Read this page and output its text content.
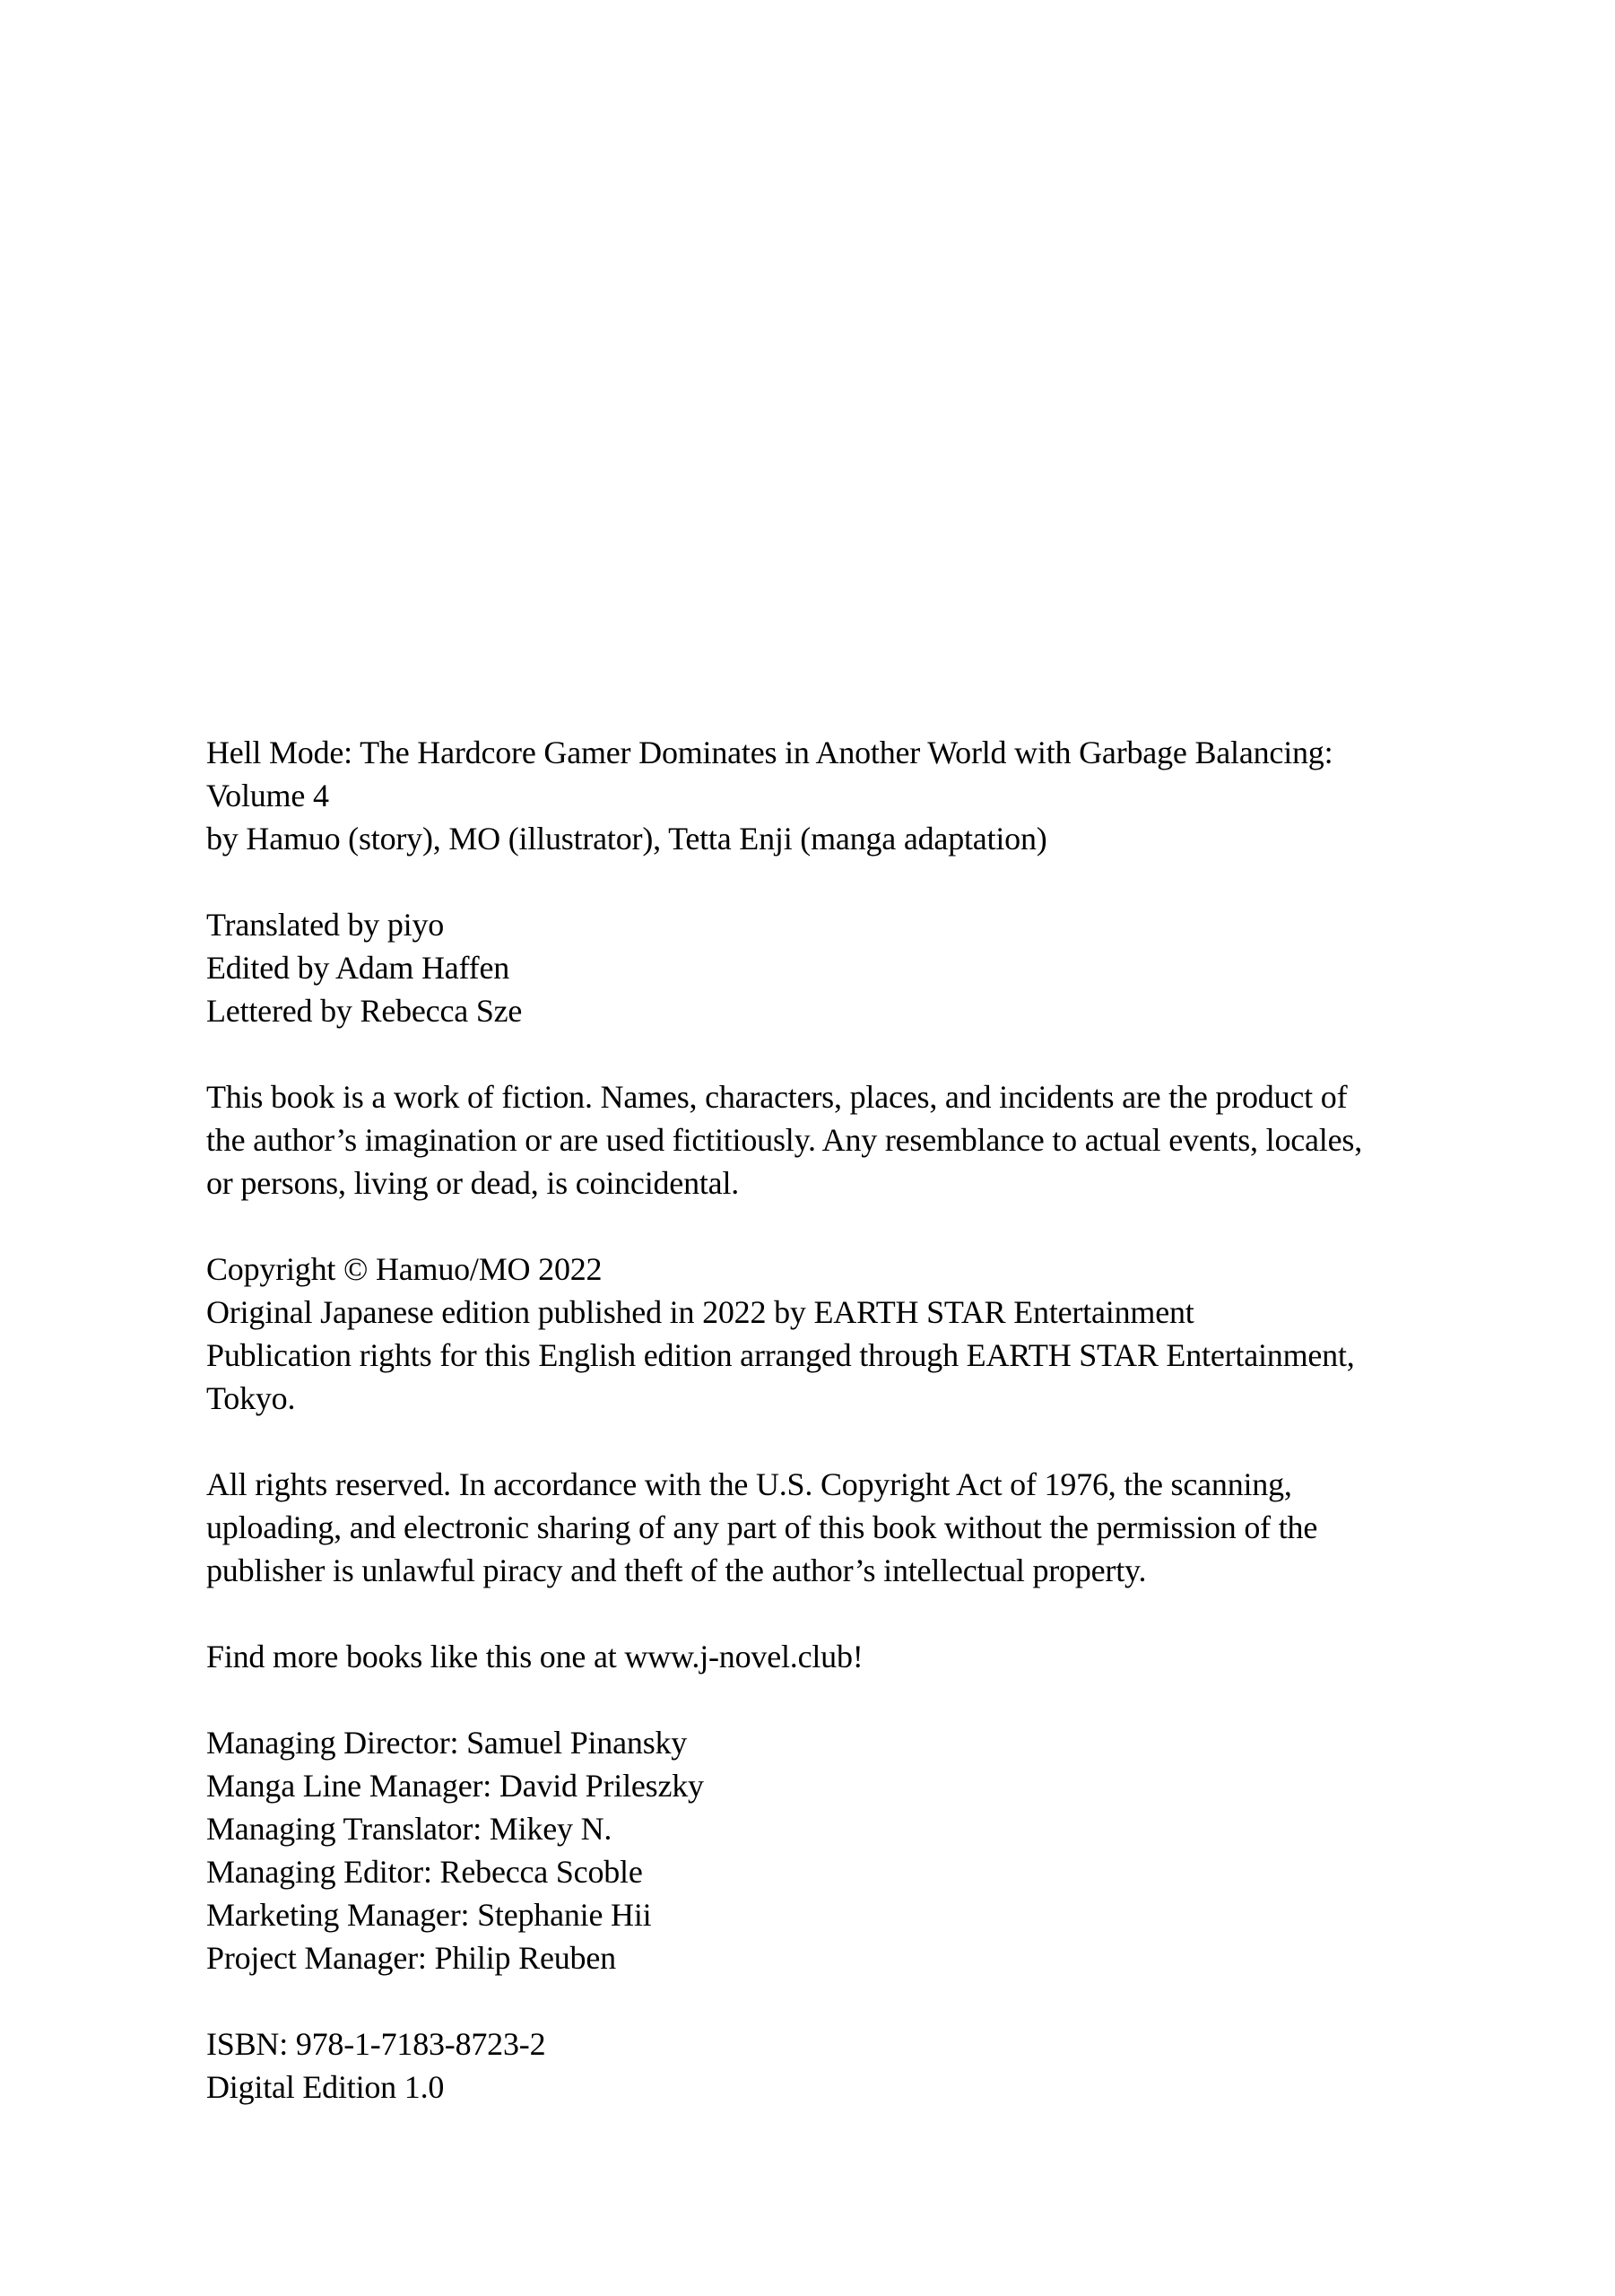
Hell Mode: The Hardcore Gamer Dominates in Another World with Garbage Balancing:
Volume 4
by Hamuo (story), MO (illustrator), Tetta Enji (manga adaptation)

Translated by piyo
Edited by Adam Haffen
Lettered by Rebecca Sze

This book is a work of fiction. Names, characters, places, and incidents are the product of
the author’s imagination or are used fictitiously. Any resemblance to actual events, locales,
or persons, living or dead, is coincidental.

Copyright © Hamuo/MO 2022
Original Japanese edition published in 2022 by EARTH STAR Entertainment
Publication rights for this English edition arranged through EARTH STAR Entertainment,
Tokyo.

All rights reserved. In accordance with the U.S. Copyright Act of 1976, the scanning,
uploading, and electronic sharing of any part of this book without the permission of the
publisher is unlawful piracy and theft of the author’s intellectual property.

Find more books like this one at www.j-novel.club!

Managing Director: Samuel Pinansky
Manga Line Manager: David Prileszky
Managing Translator: Mikey N.
Managing Editor: Rebecca Scoble
Marketing Manager: Stephanie Hii
Project Manager: Philip Reuben

ISBN: 978-1-7183-8723-2
Digital Edition 1.0
